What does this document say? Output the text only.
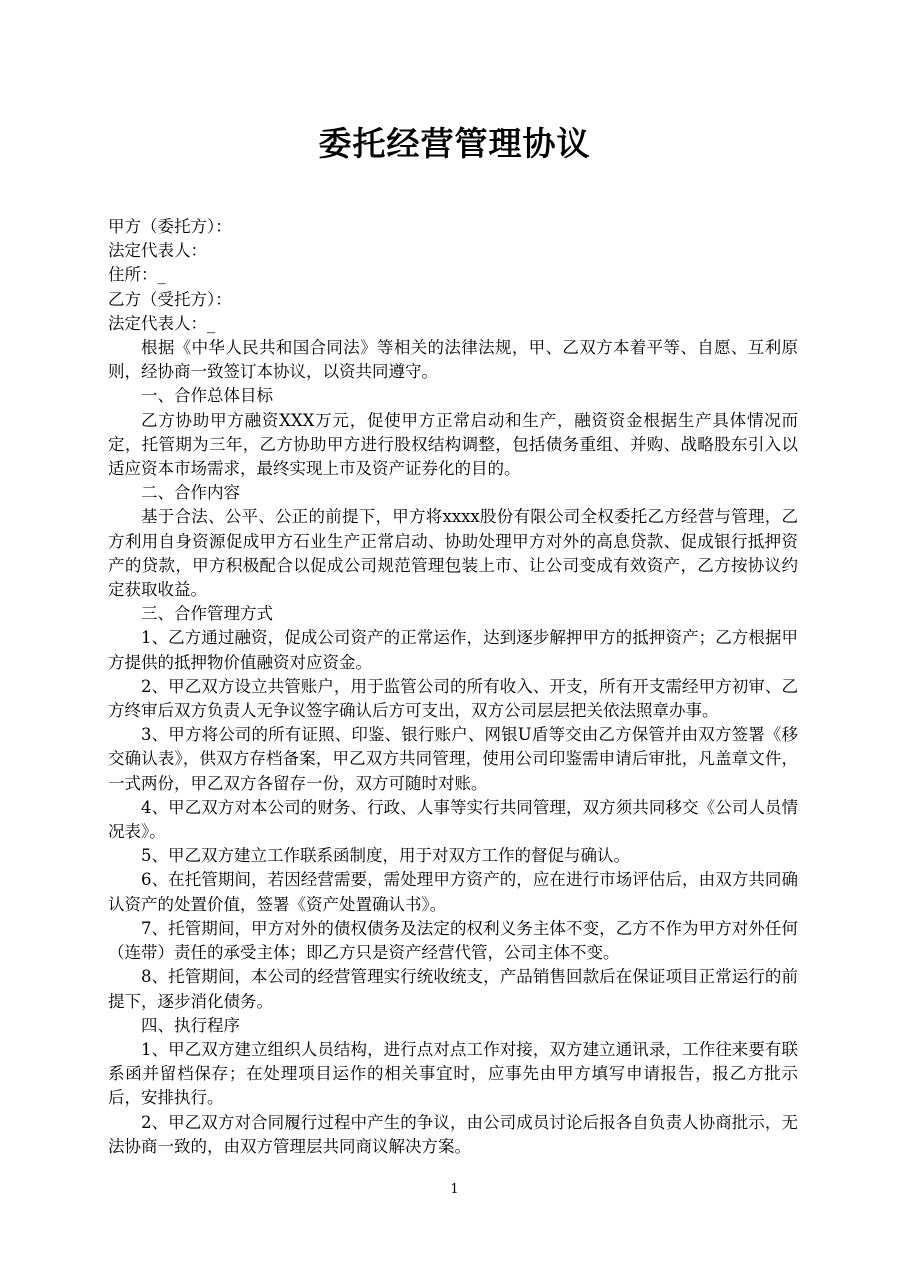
委托经营管理协议
甲方（委托方）：
法定代表人：
住所：_
乙方（受托方）：
法定代表人：_

根据《中华人民共和国合同法》等相关的法律法规，甲、乙双方本着平等、自愿、互利原则，经协商一致签订本协议，以资共同遵守。

一、合作总体目标

乙方协助甲方融资XXX万元，促使甲方正常启动和生产，融资资金根据生产具体情况而定，托管期为三年，乙方协助甲方进行股权结构调整，包括债务重组、并购、战略股东引入以适应资本市场需求，最终实现上市及资产证券化的目的。

二、合作内容

基于合法、公平、公正的前提下，甲方将xxxx股份有限公司全权委托乙方经营与管理，乙方利用自身资源促成甲方石业生产正常启动、协助处理甲方对外的高息贷款、促成银行抵押资产的贷款，甲方积极配合以促成公司规范管理包装上市、让公司变成有效资产，乙方按协议约定获取收益。

三、合作管理方式

1、乙方通过融资，促成公司资产的正常运作，达到逐步解押甲方的抵押资产；乙方根据甲方提供的抵押物价值融资对应资金。

2、甲乙双方设立共管账户，用于监管公司的所有收入、开支，所有开支需经甲方初审、乙方终审后双方负责人无争议签字确认后方可支出，双方公司层层把关依法照章办事。

3、甲方将公司的所有证照、印鉴、银行账户、网银U盾等交由乙方保管并由双方签署《移交确认表》，供双方存档备案，甲乙双方共同管理，使用公司印鉴需申请后审批，凡盖章文件，一式两份，甲乙双方各留存一份，双方可随时对账。

4、甲乙双方对本公司的财务、行政、人事等实行共同管理，双方须共同移交《公司人员情况表》。

5、甲乙双方建立工作联系函制度，用于对双方工作的督促与确认。

6、在托管期间，若因经营需要，需处理甲方资产的，应在进行市场评估后，由双方共同确认资产的处置价值，签署《资产处置确认书》。

7、托管期间，甲方对外的债权债务及法定的权利义务主体不变，乙方不作为甲方对外任何（连带）责任的承受主体；即乙方只是资产经营代管，公司主体不变。

8、托管期间，本公司的经营管理实行统收统支，产品销售回款后在保证项目正常运行的前提下，逐步消化债务。

四、执行程序

1、甲乙双方建立组织人员结构，进行点对点工作对接，双方建立通讯录，工作往来要有联系函并留档保存；在处理项目运作的相关事宜时，应事先由甲方填写申请报告，报乙方批示后，安排执行。

2、甲乙双方对合同履行过程中产生的争议，由公司成员讨论后报各自负责人协商批示，无法协商一致的，由双方管理层共同商议解决方案。

1
